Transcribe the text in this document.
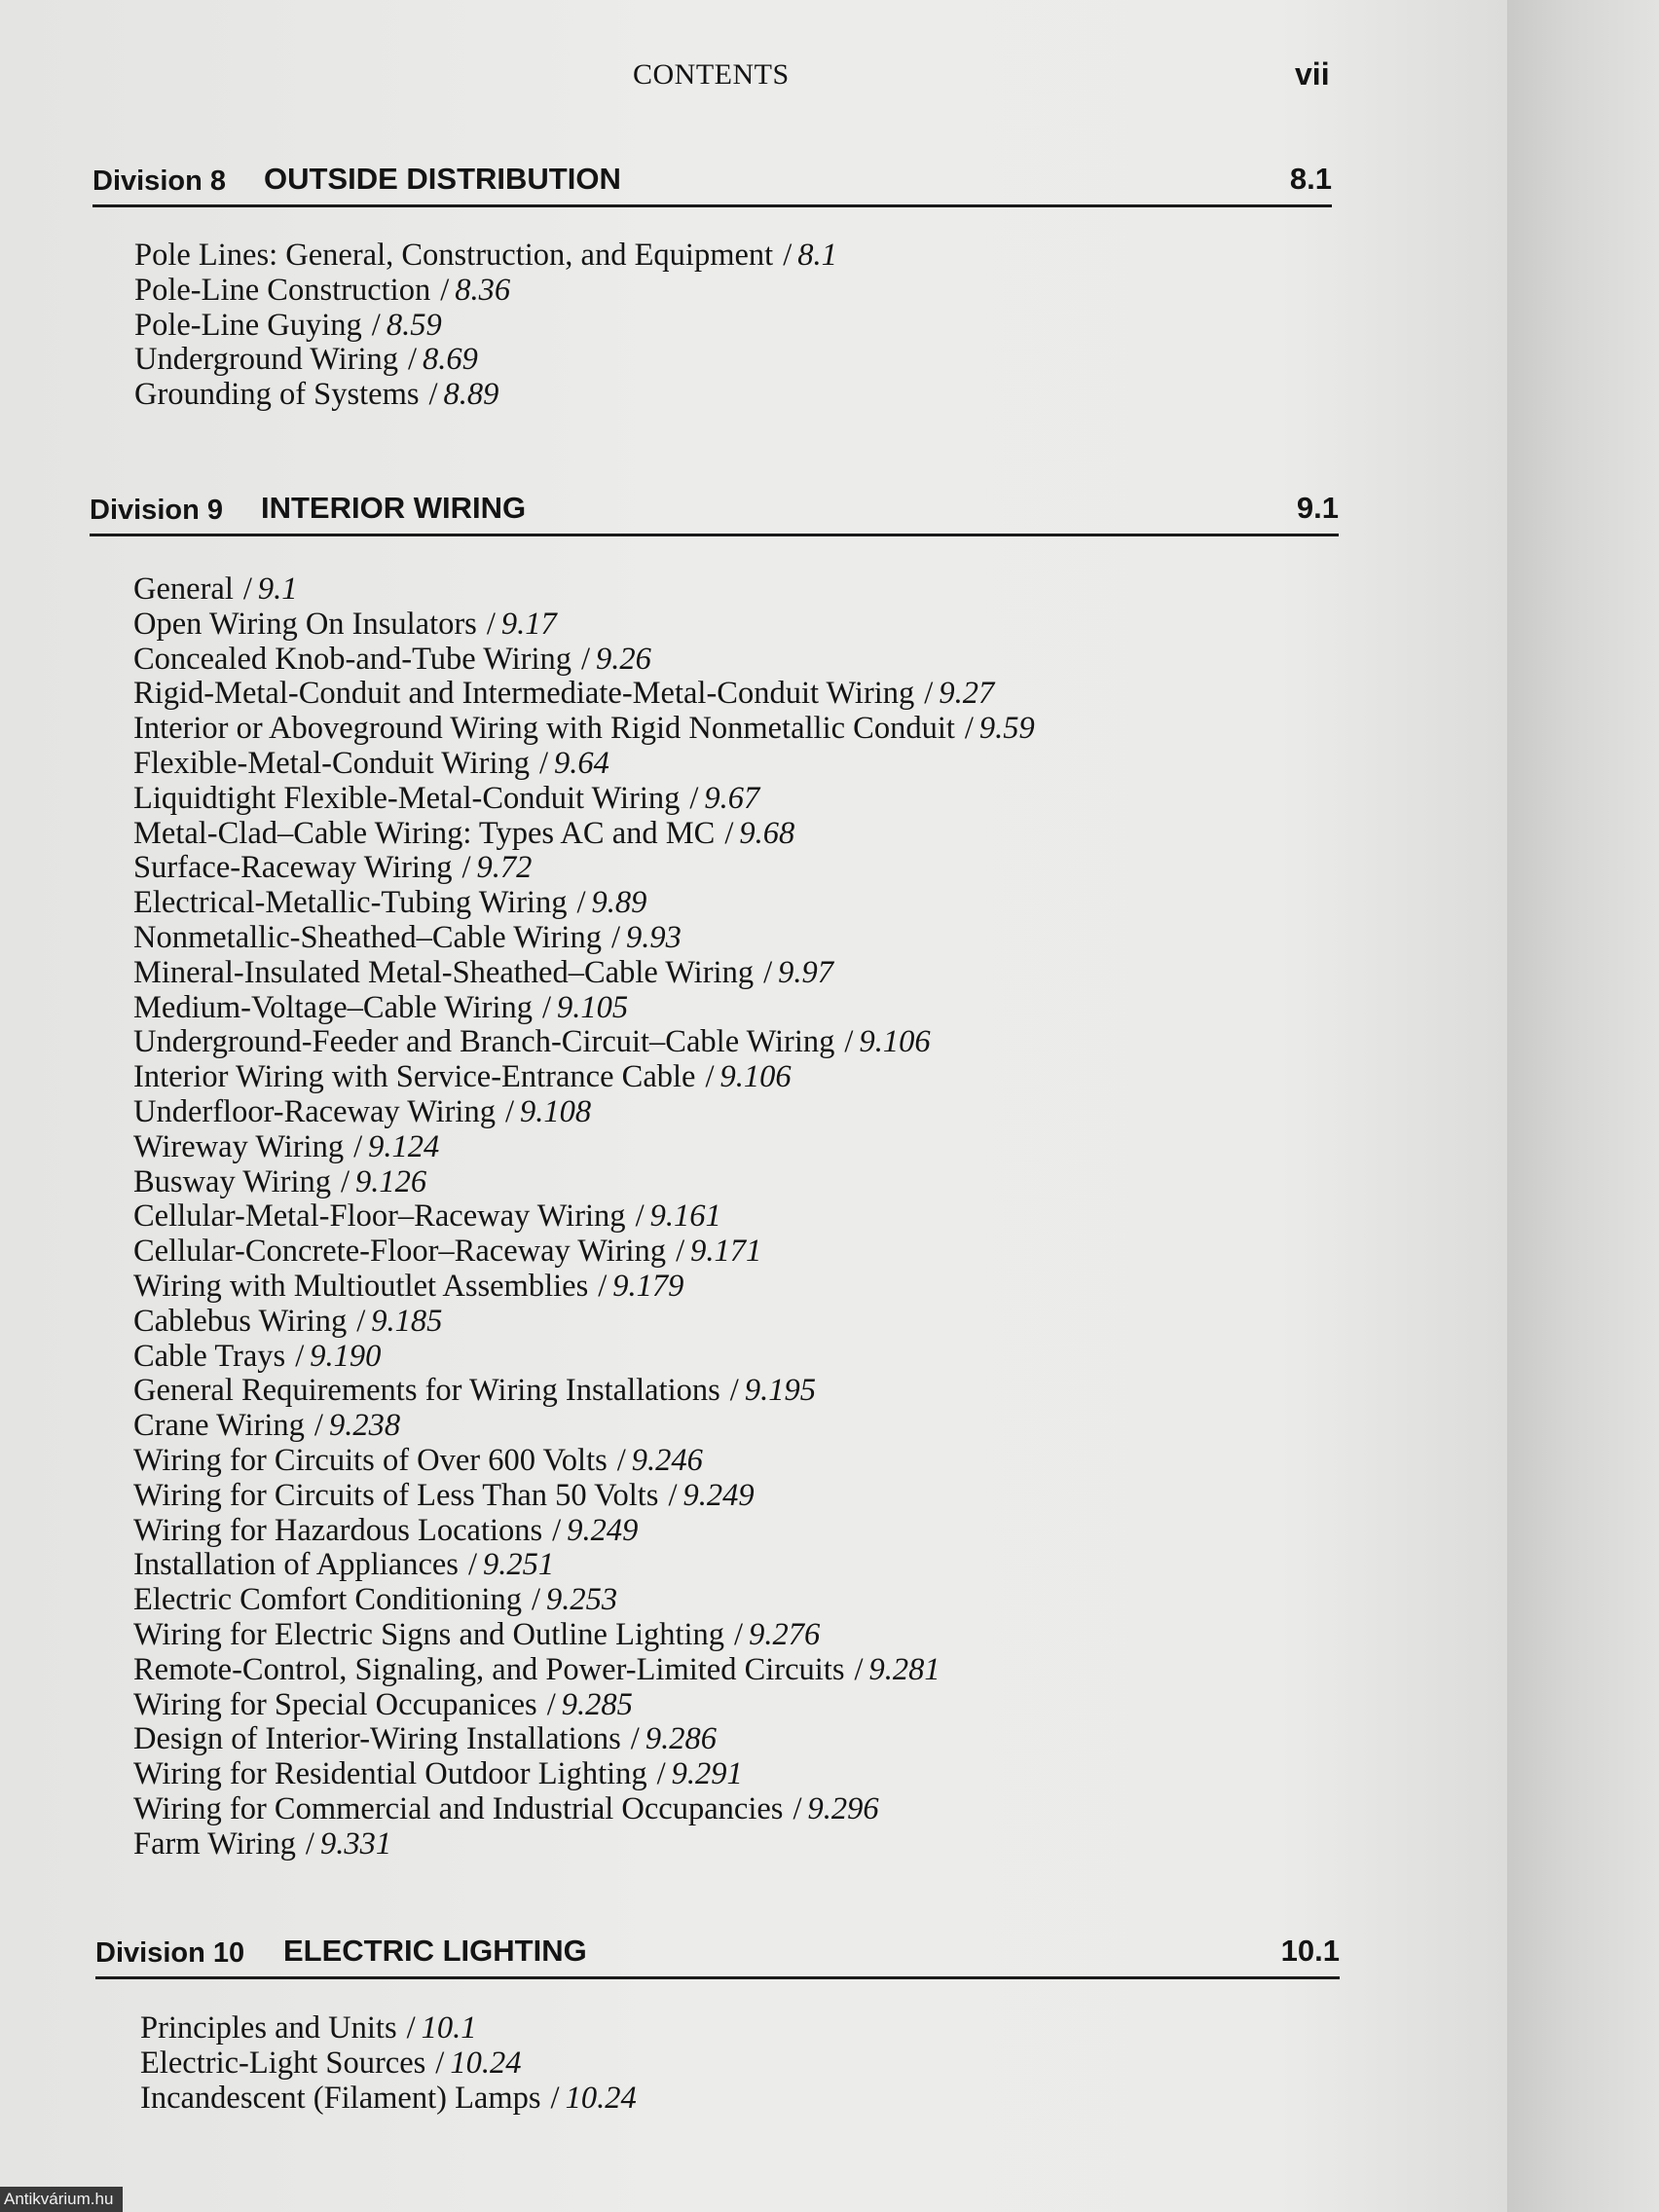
CONTENTS	vii
Division 8 OUTSIDE DISTRIBUTION	8.1
Pole Lines: General, Construction, and Equipment / 8.1
Pole-Line Construction / 8.36
Pole-Line Guying / 8.59
Underground Wiring / 8.69
Grounding of Systems / 8.89
Division 9 INTERIOR WIRING	9.1
General / 9.1
Open Wiring On Insulators / 9.17
Concealed Knob-and-Tube Wiring / 9.26
Rigid-Metal-Conduit and Intermediate-Metal-Conduit Wiring / 9.27
Interior or Aboveground Wiring with Rigid Nonmetallic Conduit / 9.59
Flexible-Metal-Conduit Wiring / 9.64
Liquidtight Flexible-Metal-Conduit Wiring / 9.67
Metal-Clad–Cable Wiring: Types AC and MC / 9.68
Surface-Raceway Wiring / 9.72
Electrical-Metallic-Tubing Wiring / 9.89
Nonmetallic-Sheathed–Cable Wiring / 9.93
Mineral-Insulated Metal-Sheathed–Cable Wiring / 9.97
Medium-Voltage–Cable Wiring / 9.105
Underground-Feeder and Branch-Circuit–Cable Wiring / 9.106
Interior Wiring with Service-Entrance Cable / 9.106
Underfloor-Raceway Wiring / 9.108
Wireway Wiring / 9.124
Busway Wiring / 9.126
Cellular-Metal-Floor–Raceway Wiring / 9.161
Cellular-Concrete-Floor–Raceway Wiring / 9.171
Wiring with Multioutlet Assemblies / 9.179
Cablebus Wiring / 9.185
Cable Trays / 9.190
General Requirements for Wiring Installations / 9.195
Crane Wiring / 9.238
Wiring for Circuits of Over 600 Volts / 9.246
Wiring for Circuits of Less Than 50 Volts / 9.249
Wiring for Hazardous Locations / 9.249
Installation of Appliances / 9.251
Electric Comfort Conditioning / 9.253
Wiring for Electric Signs and Outline Lighting / 9.276
Remote-Control, Signaling, and Power-Limited Circuits / 9.281
Wiring for Special Occupanices / 9.285
Design of Interior-Wiring Installations / 9.286
Wiring for Residential Outdoor Lighting / 9.291
Wiring for Commercial and Industrial Occupancies / 9.296
Farm Wiring / 9.331
Division 10 ELECTRIC LIGHTING	10.1
Principles and Units / 10.1
Electric-Light Sources / 10.24
Incandescent (Filament) Lamps / 10.24
Antikvárium.hu
